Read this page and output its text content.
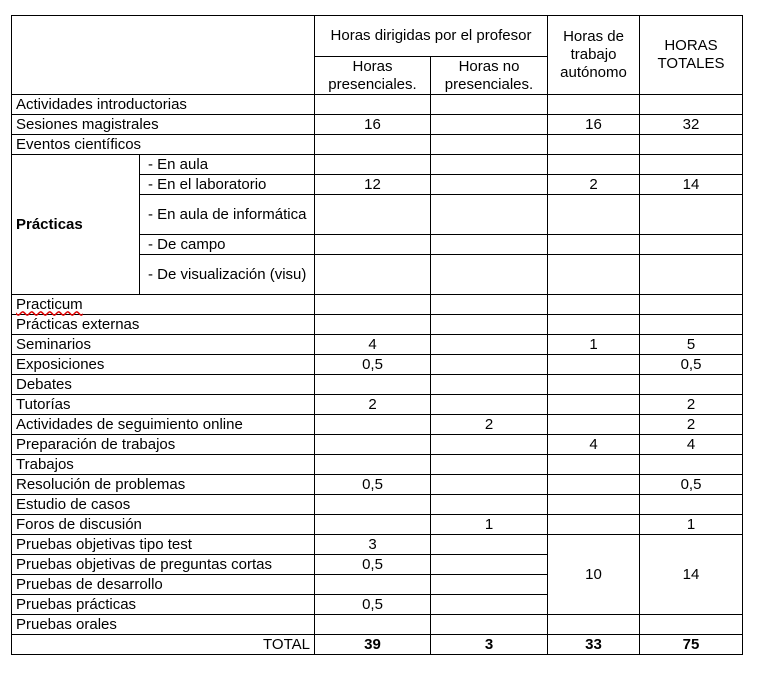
		Horas dirigidas por el profesor		Horas de trabajo autónomo	HORAS TOTALES
		Horas presenciales.	Horas no presenciales.		
Actividades introductorias					
Sesiones magistrales		16		16	32
Eventos científicos					
Prácticas	- En aula				
	- En el laboratorio	12		2	14
	- En aula de informática				
	- De campo				
	- De visualización (visu)				
Practicum					
Prácticas externas					
Seminarios		4		1	5
Exposiciones		0,5			0,5
Debates					
Tutorías		2			2
Actividades de seguimiento online			2		2
Preparación de trabajos				4	4
Trabajos					
Resolución de problemas		0,5			0,5
Estudio de casos					
Foros de discusión			1		1
Pruebas objetivas tipo test		3		10	14
Pruebas objetivas de preguntas cortas		0,5			
Pruebas de desarrollo					
Pruebas prácticas		0,5			
Pruebas orales					
TOTAL		39	3	33	75
